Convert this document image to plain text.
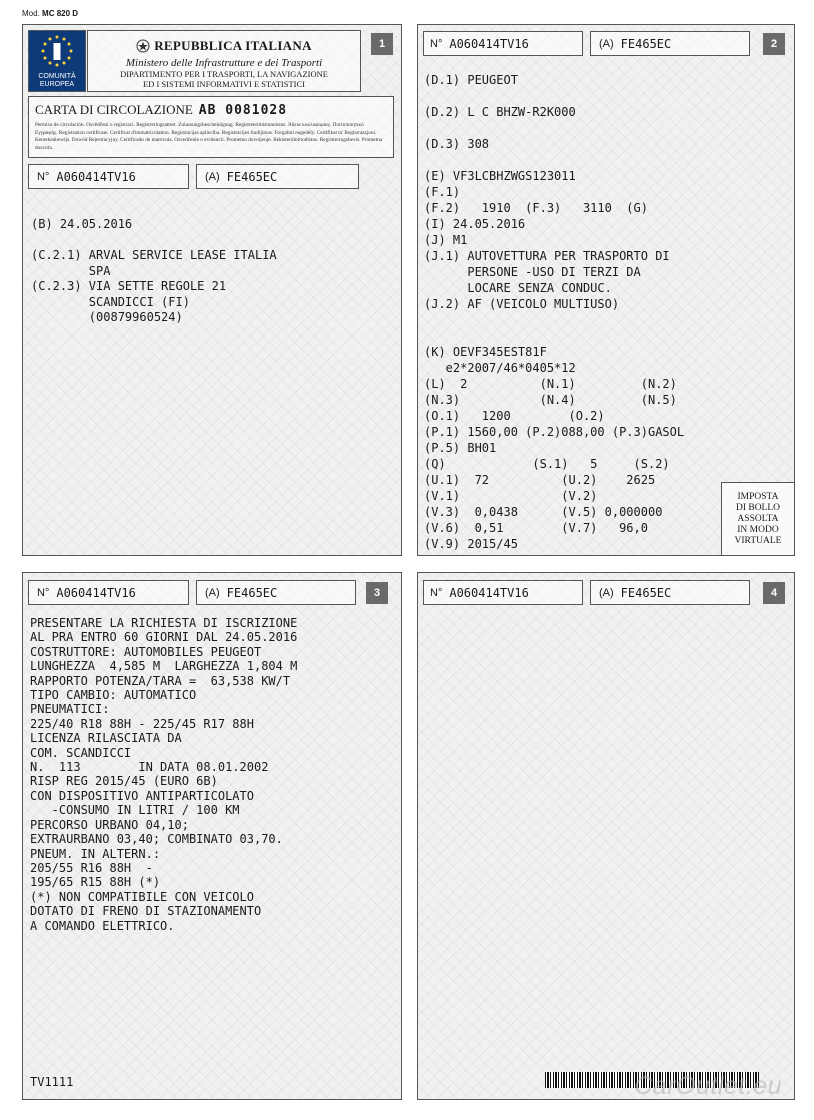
Mod. MC 820 D
COMUNITÀ
EUROPEA
REPUBBLICA ITALIANA
Ministero delle Infrastrutture e dei Trasporti
DIPARTIMENTO PER I TRASPORTI, LA NAVIGAZIONE
ED I SISTEMI INFORMATIVI E STATISTICI
1
CARTA DI CIRCOLAZIONE AB 0081028
Permiso de circulación. Osvědčení o registraci. Registreringsattest. Zulassungsbescheinigung. Registreerimistunnistus. Άδεια κυκλοφορίας. Πιστοποιητικό Εγγραφής. Registration certificate. Certificat d'immatriculation. Registracijas apliecība. Registracijos liudijimas. Forgalmi engedély. Certifikat ta' Registrazzjoni. Kentekenbewijs. Dowód Rejestracyjny. Certificado de matrícula. Osvedčenie o evidencii. Prometno dovoljenje. Rekisteröintitodistus. Registreringsbevis. Prometna dozvola.
N° A060414TV16	(A) FE465EC
(B) 24.05.2016

(C.2.1) ARVAL SERVICE LEASE ITALIA
SPA
(C.2.3) VIA SETTE REGOLE 21
SCANDICCI (FI)
(00879960524)
N° A060414TV16	(A) FE465EC	2
(D.1) PEUGEOT

(D.2) L C BHZW-R2K000

(D.3) 308

(E) VF3LCBHZWGS123011
(F.1)
(F.2)   1910  (F.3)   3110  (G)
(I) 24.05.2016
(J) M1
(J.1) AUTOVETTURA PER TRASPORTO DI
PERSONE -USO DI TERZI DA
LOCARE SENZA CONDUC.
(J.2) AF (VEICOLO MULTIUSO)

(K) OEVF345EST81F
e2*2007/46*0405*12
(L)  2          (N.1)         (N.2)
(N.3)           (N.4)         (N.5)
(O.1)   1200        (O.2)
(P.1) 1560,00 (P.2)088,00 (P.3)GASOL
(P.5) BH01
(Q)            (S.1)   5     (S.2)
(U.1)  72          (U.2)    2625
(V.1)              (V.2)
(V.3)  0,0438      (V.5) 0,000000
(V.6)  0,51        (V.7)   96,0
(V.9) 2015/45
IMPOSTA
DI BOLLO
ASSOLTA
IN MODO
VIRTUALE
N° A060414TV16	(A) FE465EC	3
PRESENTARE LA RICHIESTA DI ISCRIZIONE
AL PRA ENTRO 60 GIORNI DAL 24.05.2016
COSTRUTTORE: AUTOMOBILES PEUGEOT
LUNGHEZZA  4,585 M  LARGHEZZA 1,804 M
RAPPORTO POTENZA/TARA =  63,538 KW/T
TIPO CAMBIO: AUTOMATICO
PNEUMATICI:
225/40 R18 88H - 225/45 R17 88H
LICENZA RILASCIATA DA
COM. SCANDICCI
N.  113        IN DATA 08.01.2002
RISP REG 2015/45 (EURO 6B)
CON DISPOSITIVO ANTIPARTICOLATO
-CONSUMO IN LITRI / 100 KM
PERCORSO URBANO 04,10;
EXTRAURBANO 03,40; COMBINATO 03,70.
PNEUM. IN ALTERN.:
205/55 R16 88H  -
195/65 R15 88H (*)
(*) NON COMPATIBILE CON VEICOLO
DOTATO DI FRENO DI STAZIONAMENTO
A COMANDO ELETTRICO.
TV1111
N° A060414TV16	(A) FE465EC	4
CarOutlet.eu
